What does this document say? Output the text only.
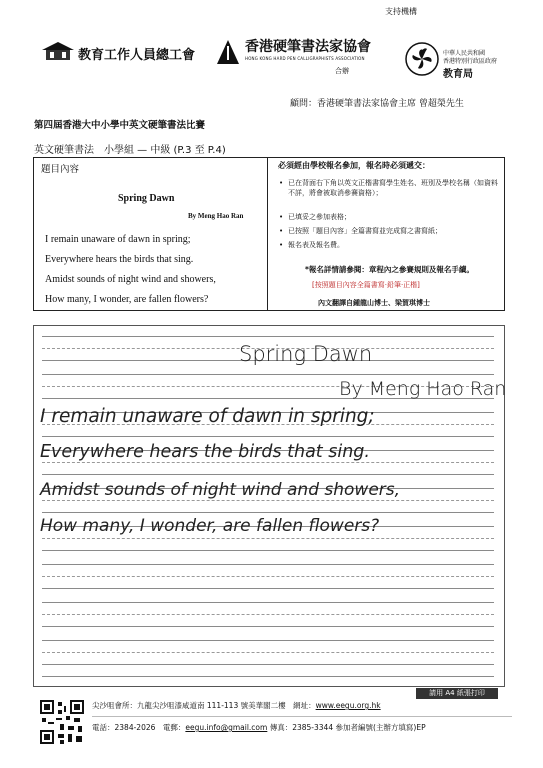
支持機構
教育工作人員總工會
香港硬筆書法家協會
HONG KONG HARD PEN CALLIGRAPHISTS ASSOCIATION
合辦
中華人民共和國
香港特別行政區政府
教育局
顧問：香港硬筆書法家協會主席 曾超榮先生
第四屆香港大中小學中英文硬筆書法比賽
英文硬筆書法　小學組 — 中級 (P.3 至 P.4)
題目內容
Spring Dawn
By Meng Hao Ran
I remain unaware of dawn in spring;
Everywhere hears the birds that sing.
Amidst sounds of night wind and showers,
How many, I wonder, are fallen flowers?
必須經由學校報名參加，報名時必須遞交：
• 已在背面右下角以英文正楷書寫學生姓名、班別及學校名稱（如資料不詳，將會被取消參賽資格）；
• 已填妥之參加表格；
• 已按照「題目內容」全篇書寫並完成寫之書寫紙；
• 報名表及報名費。
*報名詳情請參閱：章程內之參賽規則及報名手續。
[按照題目內容全篇書寫‧鉛筆‧正楷]
內文翻譯自鍾龍山博士、梁賀琪博士
Spring Dawn
By Meng Hao Ran
I remain unaware of dawn in spring;
Everywhere hears the birds that sing.
Amidst sounds of night wind and showers,
How many, I wonder, are fallen flowers?
請用 A4 紙張打印
尖沙咀會所：九龍尖沙咀漆咸道南 111-113 號美華閣二樓　網址：www.eegu.org.hk
電話：2384-2026　電郵：eegu.info@gmail.com 傳真：2385-3344 參加者編號(主辦方填寫)EP
